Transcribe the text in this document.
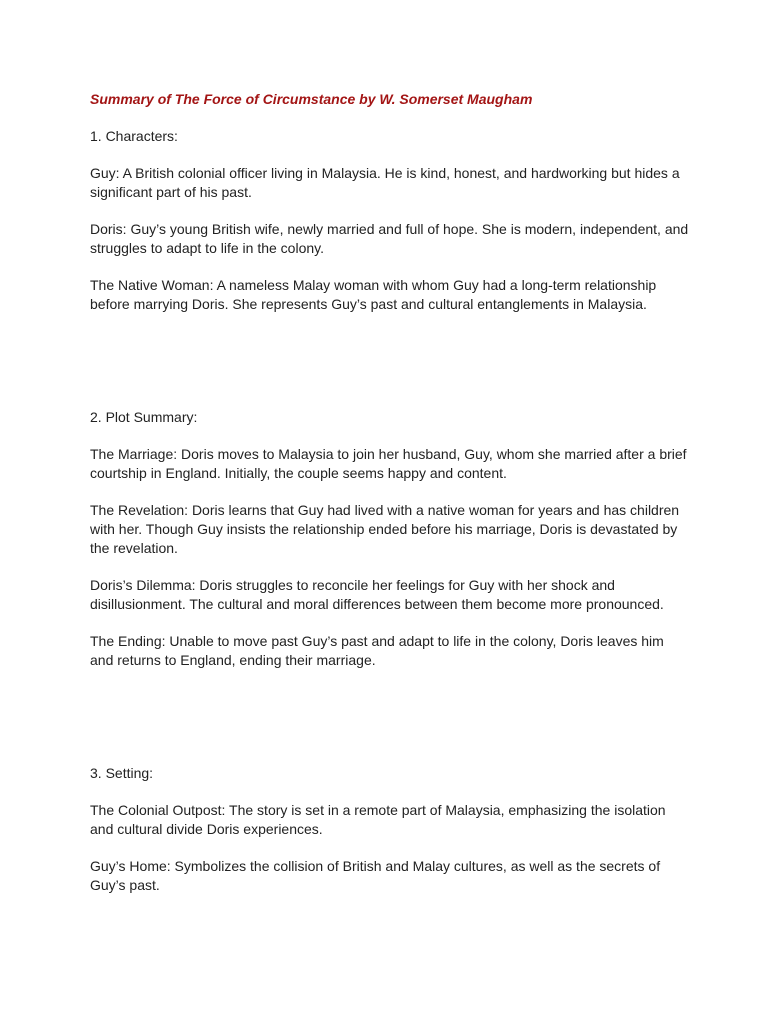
Summary of The Force of Circumstance by W. Somerset Maugham

1. Characters:

Guy: A British colonial officer living in Malaysia. He is kind, honest, and hardworking but hides a significant part of his past.

Doris: Guy’s young British wife, newly married and full of hope. She is modern, independent, and struggles to adapt to life in the colony.

The Native Woman: A nameless Malay woman with whom Guy had a long-term relationship before marrying Doris. She represents Guy’s past and cultural entanglements in Malaysia.

2. Plot Summary:

The Marriage: Doris moves to Malaysia to join her husband, Guy, whom she married after a brief courtship in England. Initially, the couple seems happy and content.

The Revelation: Doris learns that Guy had lived with a native woman for years and has children with her. Though Guy insists the relationship ended before his marriage, Doris is devastated by the revelation.

Doris’s Dilemma: Doris struggles to reconcile her feelings for Guy with her shock and disillusionment. The cultural and moral differences between them become more pronounced.

The Ending: Unable to move past Guy’s past and adapt to life in the colony, Doris leaves him and returns to England, ending their marriage.

3. Setting:

The Colonial Outpost: The story is set in a remote part of Malaysia, emphasizing the isolation and cultural divide Doris experiences.

Guy’s Home: Symbolizes the collision of British and Malay cultures, as well as the secrets of Guy’s past.
